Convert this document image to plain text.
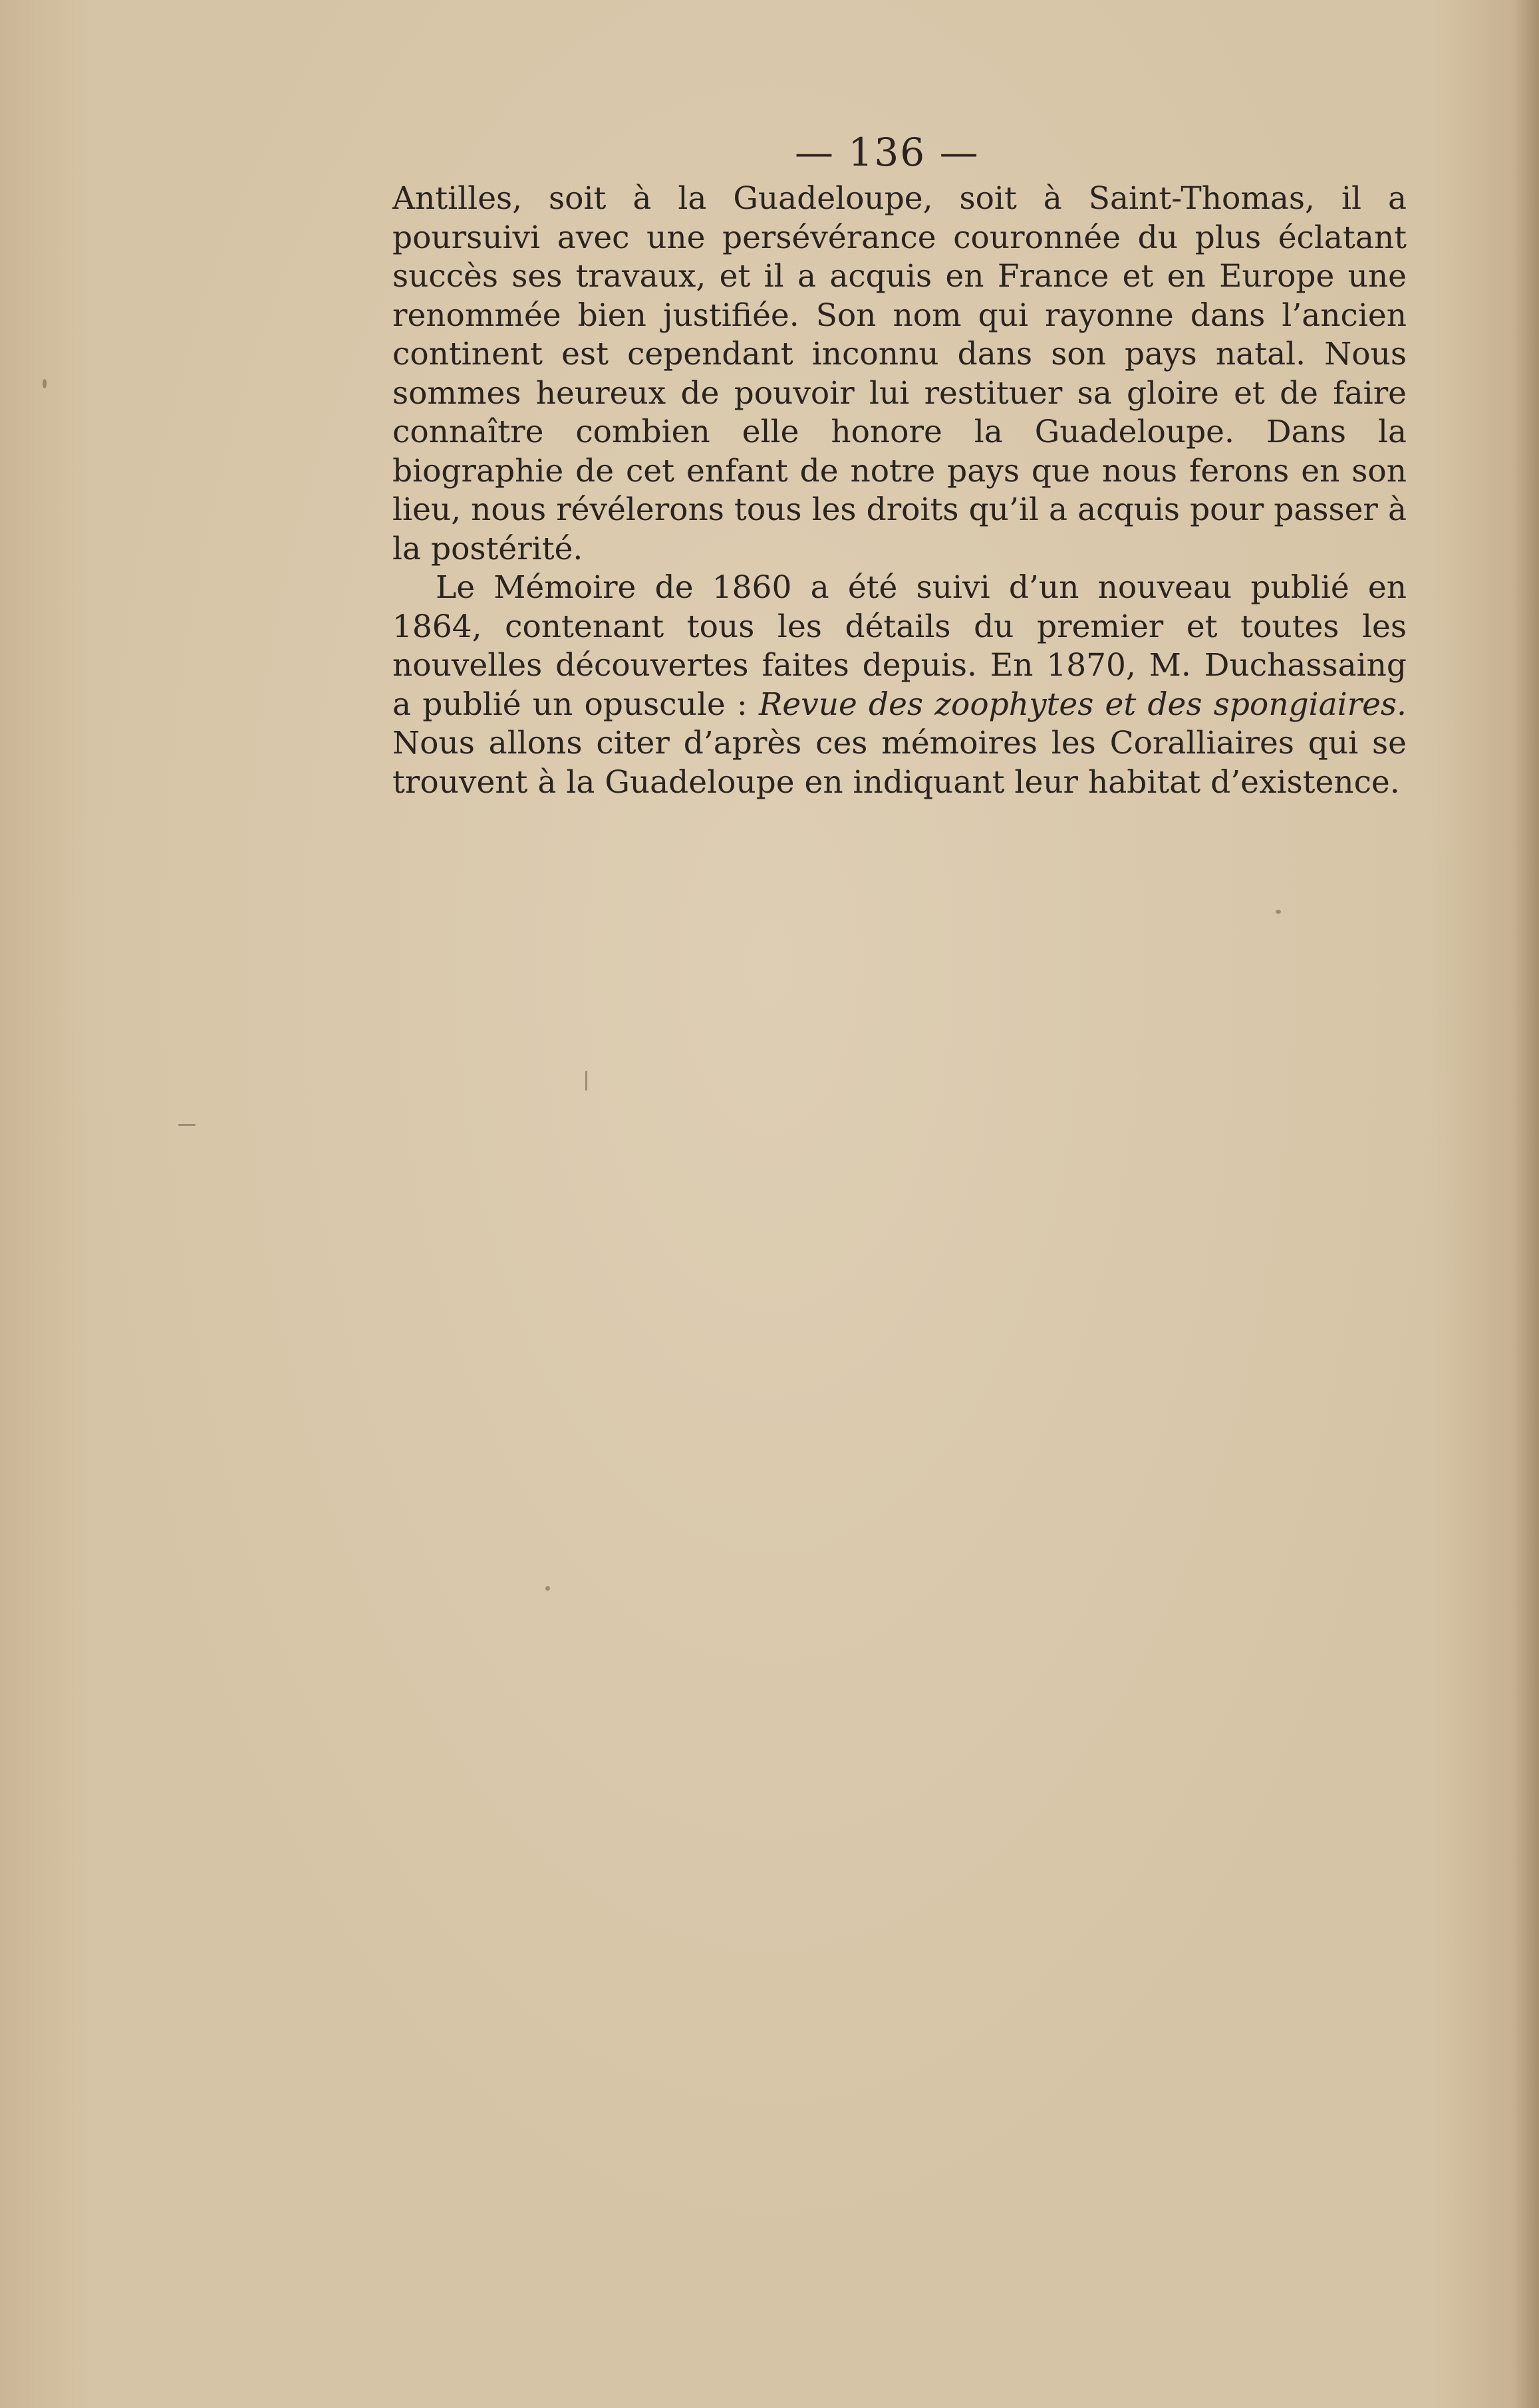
— 136 —

Antilles, soit à la Guadeloupe, soit à Saint-Thomas, il a poursuivi avec une persévérance couronnée du plus éclatant succès ses travaux, et il a acquis en France et en Europe une renommée bien justifiée. Son nom qui rayonne dans l’ancien continent est cependant inconnu dans son pays natal. Nous sommes heureux de pouvoir lui restituer sa gloire et de faire connaître combien elle honore la Guadeloupe. Dans la biographie de cet enfant de notre pays que nous ferons en son lieu, nous révélerons tous les droits qu’il a acquis pour passer à la postérité.

Le Mémoire de 1860 a été suivi d’un nouveau publié en 1864, contenant tous les détails du premier et toutes les nouvelles découvertes faites depuis. En 1870, M. Duchassaing a publié un opuscule : Revue des zoophytes et des spongiaires. Nous allons citer d’après ces mémoires les Coralliaires qui se trouvent à la Guadeloupe en indiquant leur habitat d’existence.
